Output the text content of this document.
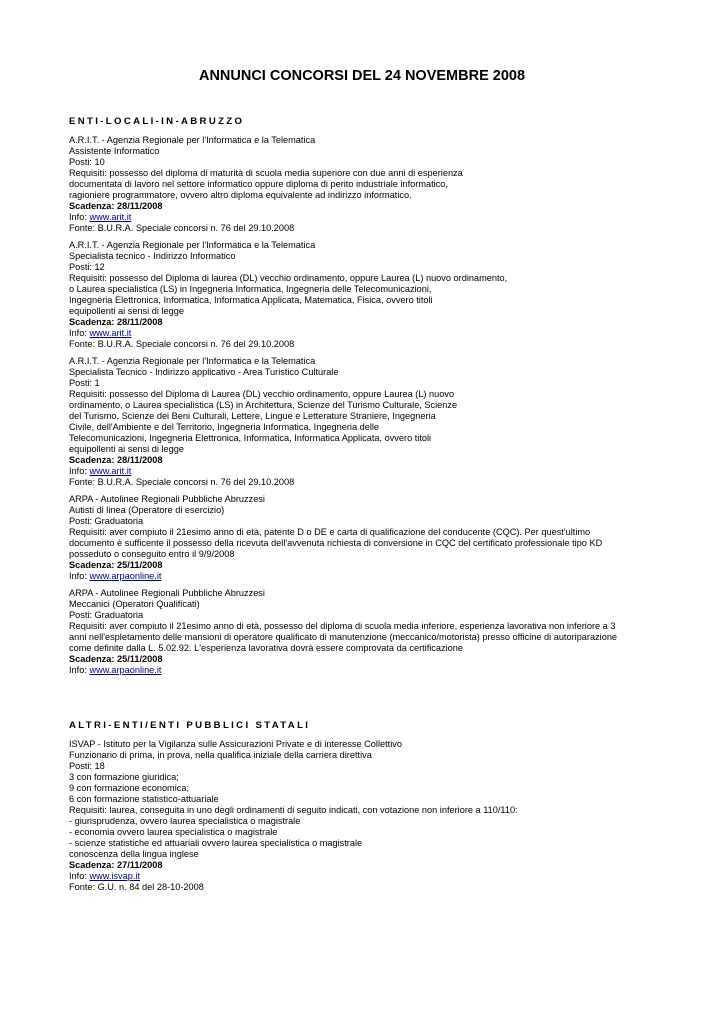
ANNUNCI CONCORSI DEL 24 NOVEMBRE 2008
ENTI-LOCALI-IN-ABRUZZO

A.R.I.T. - Agenzia Regionale per l'Informatica e la Telematica

Assistente Informatico

Posti: 10

Requisiti: possesso del diploma di maturità di scuola media superiore con due anni di esperienza

documentata di lavoro nel settore informatico oppure diploma di perito industriale informatico,

ragioniere programmatore, ovvero altro diploma equivalente ad indirizzo informatico.

Scadenza: 28/11/2008

Info: www.arit.it

Fonte: B.U.R.A. Speciale concorsi n. 76 del 29.10.2008

A.R.I.T. - Agenzia Regionale per l'Informatica e la Telematica

Specialista tecnico - Indirizzo Informatico

Posti: 12

Requisiti: possesso del Diploma di laurea (DL) vecchio ordinamento, oppure Laurea (L) nuovo ordinamento,

o Laurea specialistica (LS) in Ingegneria Informatica, Ingegneria delle Telecomunicazioni,

Ingegneria Elettronica, Informatica, Informatica Applicata, Matematica, Fisica, ovvero titoli

equipollenti ai sensi di legge

Scadenza: 28/11/2008

Info: www.arit.it

Fonte: B.U.R.A. Speciale concorsi n. 76 del 29.10.2008

A.R.I.T. - Agenzia Regionale per l'Informatica e la Telematica

Specialista Tecnico - Indirizzo applicativo - Area Turistico Culturale

Posti: 1

Requisiti: possesso del Diploma di Laurea (DL) vecchio ordinamento, oppure Laurea (L) nuovo

ordinamento, o Laurea specialistica (LS) in Architettura, Scienze del Turismo Culturale, Scienze

del Turismo, Scienze dei Beni Culturali, Lettere, Lingue e Letterature Straniere, Ingegneria

Civile, dell'Ambiente e del Territorio, Ingegneria Informatica, Ingegneria delle

Telecomunicazioni, Ingegneria Elettronica, Informatica, Informatica Applicata, ovvero titoli

equipollenti ai sensi di legge

Scadenza: 28/11/2008

Info: www.arit.it

Fonte: B.U.R.A. Speciale concorsi n. 76 del 29.10.2008

ARPA - Autolinee Regionali Pubbliche Abruzzesi

Autisti di linea (Operatore di esercizio)

Posti: Graduatoria

Requisiti: aver compiuto il 21esimo anno di età, patente D o DE e carta di qualificazione del conducente (CQC). Per quest'ultimo

documento è sufficente il possesso della ricevuta dell'avvenuta richiesta di conversione in CQC del certificato professionale tipo KD

posseduto o conseguito entro il 9/9/2008

Scadenza: 25/11/2008

Info: www.arpaonline.it

ARPA - Autolinee Regionali Pubbliche Abruzzesi

Meccanici (Operatori Qualificati)

Posti: Graduatoria

Requisiti: aver compiuto il 21esimo anno di età, possesso del diploma di scuola media inferiore, esperienza lavorativa non inferiore a 3

anni nell'espletamento delle mansioni di operatore qualificato di manutenzione (meccanico/motorista) presso officine di autoriparazione

come definite dalla L. 5.02.92. L'esperienza lavorativa dovrà essere comprovata da certificazione

Scadenza: 25/11/2008

Info: www.arpaonline.it

ALTRI-ENTI/ENTI PUBBLICI STATALI

ISVAP - Istituto per la Vigilanza sulle Assicurazioni Private e di interesse Collettivo

Funzionario di prima, in prova, nella qualifica iniziale della carriera direttiva

Posti: 18

3 con formazione giuridica;

9 con formazione economica;

6 con formazione statistico-attuariale

Requisiti: laurea, conseguita in uno degli ordinamenti di seguito indicati, con votazione non inferiore a 110/110:

- giurisprudenza, ovvero laurea specialistica o magistrale

- economia ovvero laurea specialistica o magistrale

- scienze statistiche ed attuariali ovvero laurea specialistica o magistrale

conoscenza della lingua inglese

Scadenza: 27/11/2008

Info: www.isvap.it

Fonte: G.U. n. 84 del 28-10-2008
